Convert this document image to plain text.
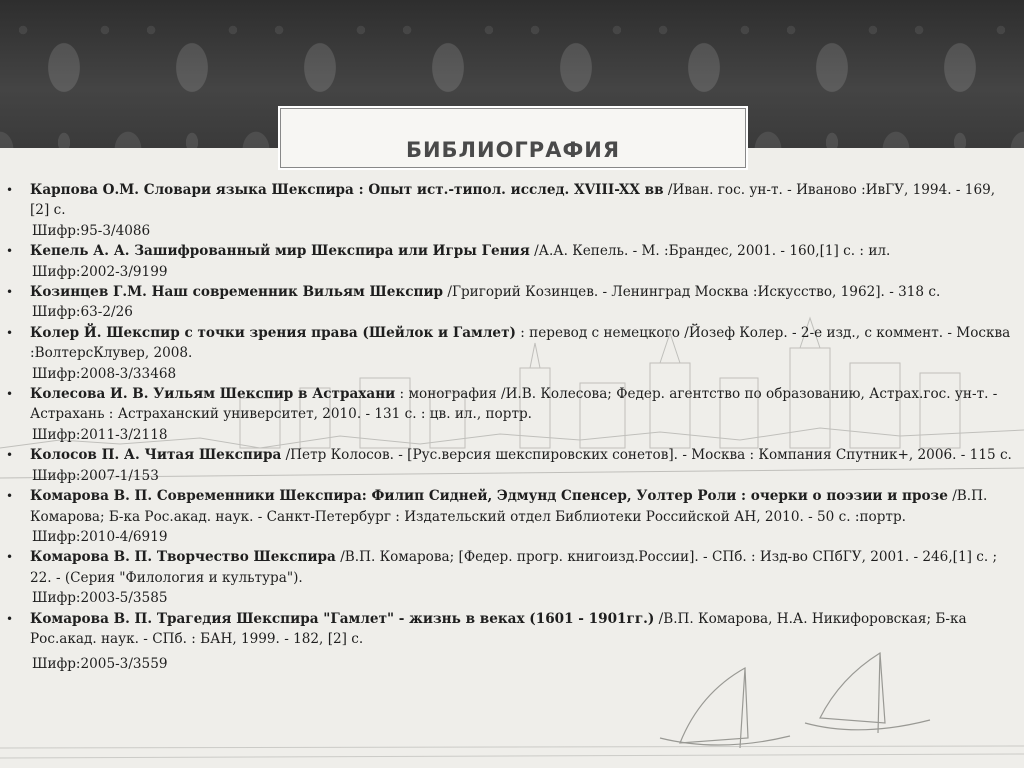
БИБЛИОГРАФИЯ
• Карпова О.М. Словари языка Шекспира : Опыт ист.-типол. исслед. XVIII-XX вв /Иван. гос. ун-т. - Иваново :ИвГУ, 1994. - 169, [2] с.
Шифр:95-3/4086
• Кепель А. А. Зашифрованный мир Шекспира или Игры Гения /А.А. Кепель. - М. :Брандес, 2001. - 160,[1] с. : ил.
Шифр:2002-3/9199
• Козинцев Г.М. Наш современник Вильям Шекспир /Григорий Козинцев. - Ленинград Москва :Искусство, 1962]. - 318 с.
Шифр:63-2/26
• Колер Й. Шекспир с точки зрения права (Шейлок и Гамлет) : перевод с немецкого /Йозеф Колер. - 2-е изд., с коммент. - Москва :ВолтерсКлувер, 2008.
Шифр:2008-3/33468
• Колесова И. В. Уильям Шекспир в Астрахани : монография /И.В. Колесова; Федер. агентство по образованию, Астрах.гос. ун-т. - Астрахань : Астраханский университет, 2010. - 131 с. : цв. ил., портр.
Шифр:2011-3/2118
• Колосов П. А. Читая Шекспира /Петр Колосов. - [Рус.версия шекспировских сонетов]. - Москва : Компания Спутник+, 2006. - 115 с.
Шифр:2007-1/153
• Комарова В. П. Современники Шекспира: Филип Сидней, Эдмунд Спенсер, Уолтер Роли : очерки о поэзии и прозе /В.П. Комарова; Б-ка Рос.акад. наук. - Санкт-Петербург : Издательский отдел Библиотеки Российской АН, 2010. - 50 с. :портр.
Шифр:2010-4/6919
• Комарова В. П. Творчество Шекспира /В.П. Комарова; [Федер. прогр. книгоизд.России]. - СПб. : Изд-во СПбГУ, 2001. - 246,[1] с. ; 22. - (Серия "Филология и культура").
Шифр:2003-5/3585
• Комарова В. П. Трагедия Шекспира "Гамлет" - жизнь в веках (1601 - 1901гг.) /В.П. Комарова, Н.А. Никифоровская; Б-ка Рос.акад. наук. - СПб. : БАН, 1999. - 182, [2] с.
Шифр:2005-3/3559
